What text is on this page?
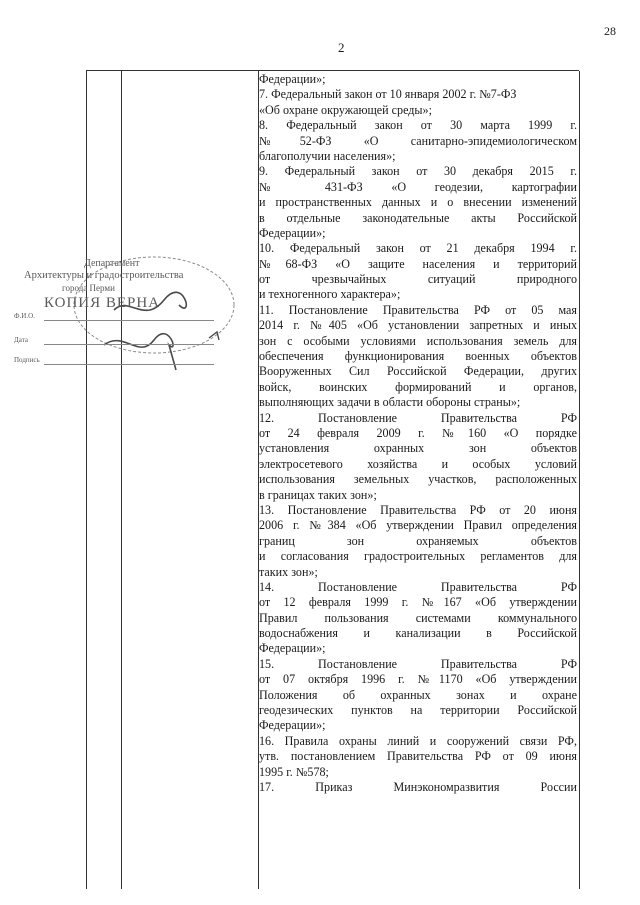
28
2
Федерации»;
7. Федеральный закон от 10 января 2002 г. №7-ФЗ
«Об охране окружающей среды»;
8. Федеральный закон от 30 марта 1999 г.
№52-ФЗ «О санитарно-эпидемиологическом
благополучии населения»;
9. Федеральный закон от 30 декабря 2015 г.
№ 431-ФЗ «О геодезии, картографии
и пространственных данных и о внесении изменений
в отдельные законодательные акты Российской
Федерации»;
10. Федеральный закон от 21 декабря 1994 г.
№68-ФЗ «О защите населения и территорий
от чрезвычайных ситуаций природного
и техногенного характера»;
11. Постановление Правительства РФ от 05 мая
2014 г. №405 «Об установлении запретных и иных
зон с особыми условиями использования земель для
обеспечения функционирования военных объектов
Вооруженных Сил Российской Федерации, других
войск, воинских формирований и органов,
выполняющих задачи в области обороны страны»;
12. Постановление Правительства РФ
от 24 февраля 2009 г. №160 «О порядке
установления охранных зон объектов
электросетевого хозяйства и особых условий
использования земельных участков, расположенных
в границах таких зон»;
13. Постановление Правительства РФ от 20 июня
2006 г. №384 «Об утверждении Правил определения
границ зон охраняемых объектов
и согласования градостроительных регламентов для
таких зон»;
14. Постановление Правительства РФ
от 12 февраля 1999 г. №167 «Об утверждении
Правил пользования системами коммунального
водоснабжения и канализации в Российской
Федерации»;
15. Постановление Правительства РФ
от 07 октября 1996 г. №1170 «Об утверждении
Положения об охранных зонах и охране
геодезических пунктов на территории Российской
Федерации»;
16. Правила охраны линий и сооружений связи РФ,
утв. постановлением Правительства РФ от 09 июня
1995 г. №578;
17. Приказ Минэкономразвития России
Департамент
Архитектуры и градостроительства
города Перми
КОПИЯ ВЕРНА
Ф.И.О.
Дата
Подпись
